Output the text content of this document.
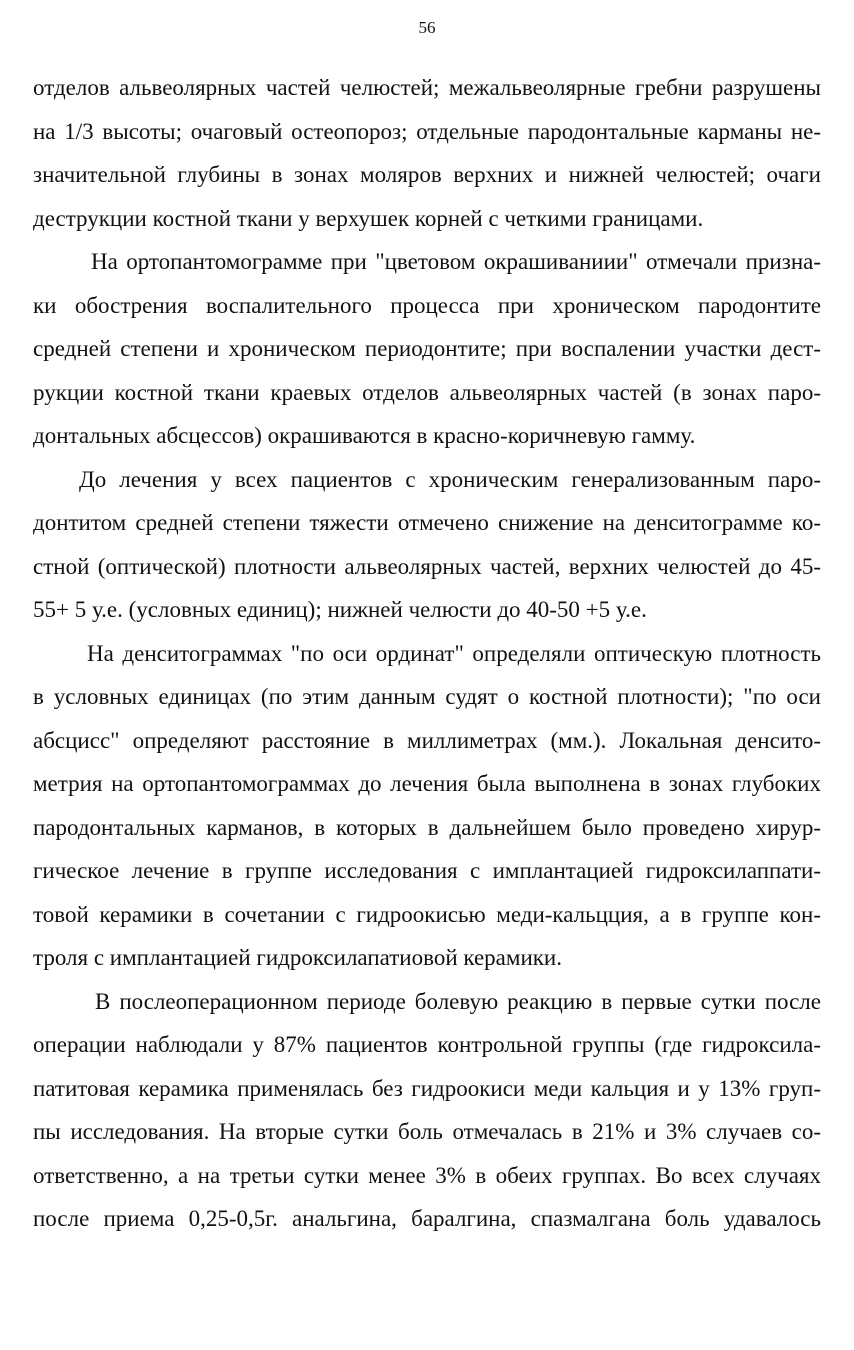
56
отделов альвеолярных частей челюстей; межальвеолярные гребни разрушены
на 1/3 высоты; очаговый остеопороз; отдельные пародонтальные карманы не-
значительной глубины в зонах моляров верхних и нижней челюстей; очаги
деструкции костной ткани у верхушек корней с четкими границами.
На ортопантомограмме при "цветовом окрашиваниии" отмечали призна-
ки обострения воспалительного процесса при хроническом пародонтите
средней степени и хроническом периодонтите; при воспалении участки дест-
рукции костной ткани краевых отделов альвеолярных частей (в зонах паро-
донтальных абсцессов) окрашиваются в красно-коричневую гамму.
До лечения у всех пациентов с хроническим генерализованным паро-
донтитом средней степени тяжести отмечено снижение на денситограмме ко-
стной (оптической) плотности альвеолярных частей, верхних челюстей до 45-
55+ 5 у.е. (условных единиц); нижней челюсти до 40-50 +5 у.е.
На денситограммах "по оси ординат" определяли оптическую плотность
в условных единицах (по этим данным судят о костной плотности); "по оси
абсцисс" определяют расстояние в миллиметрах (мм.). Локальная денсито-
метрия на ортопантомограммах до лечения была выполнена в зонах глубоких
пародонтальных карманов, в которых в дальнейшем было проведено хирур-
гическое лечение в группе исследования с имплантацией гидроксилаппати-
товой керамики в сочетании с гидроокисью меди-кальцция, а в группе кон-
троля с имплантацией гидроксилапатиовой керамики.
В послеоперационном периоде болевую реакцию в первые сутки после
операции наблюдали у 87% пациентов контрольной группы (где гидроксила-
патитовая керамика применялась без гидроокиси меди кальция и у 13% груп-
пы исследования. На вторые сутки боль отмечалась в 21% и 3% случаев со-
ответственно, а на третьи сутки менее 3% в обеих группах. Во всех случаях
после приема 0,25-0,5г. анальгина, баралгина, спазмалгана боль удавалось
